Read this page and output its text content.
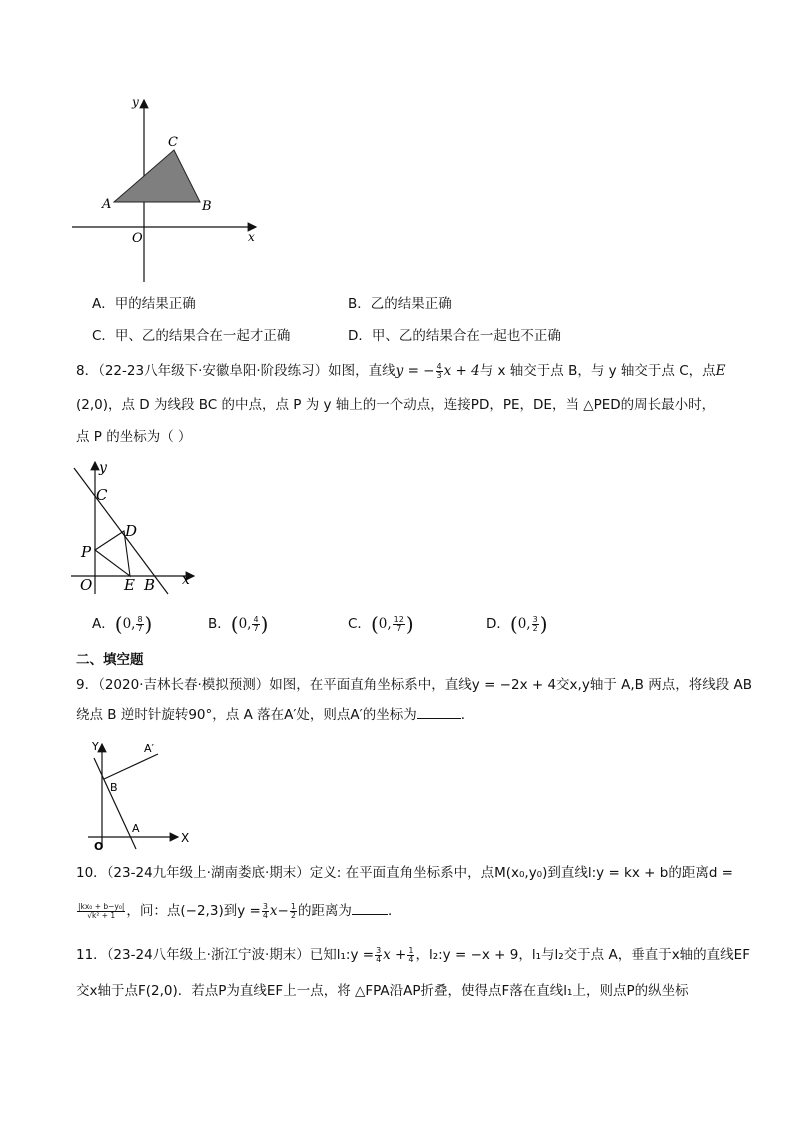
y
x
O
A	B
C
A．甲的结果正确	B．乙的结果正确
C．甲、乙的结果合在一起才正确	D．甲、乙的结果合在一起也不正确
8．（22-23八年级下·安徽阜阳·阶段练习）如图，直线y = − $\frac{4}{3}$ x + 4与 x 轴交于点 B，与 y 轴交于点 C，点E
(2,0)，点 D 为线段 BC 的中点，点 P 为 y 轴上的一个动点，连接PD，PE，DE，当 △PED的周长最小时，
点 P 的坐标为（ ）
y
x
O
C
D
P
E B
A．(0, $\frac{8}{7}$ )	B．(0, $\frac{4}{7}$ )	C．(0, $\frac{12}{7}$ )	D．(0, $\frac{3}{2}$ )
二、填空题
9．（2020·吉林长春·模拟预测）如图，在平面直角坐标系中，直线y = −2x + 4交x,y轴于 A,B 两点，将线段 AB
绕点 B 逆时针旋转90°，点 A 落在A′处，则点A′的坐标为	．
Y
X
O
A′
B
A
10．（23-24九年级上·湖南娄底·期末）定义: 在平面直角坐标系中，点M(x₀,y₀)到直线l:y = kx + b的距离d =
$\frac{\text{|kx₀ + b−y₀|}}{\text{√k² + 1}}$ ，问：点(−2,3)到$y = \frac{3}{4} x- \frac{1}{2}$ 的距离为	．
11．（23-24八年级上·浙江宁波·期末）已知l₁:y = $\frac{3}{4}$ $x + \frac{1}{4}$ ，l₂:y = −x + 9，l₁与l₂交于点 A，垂直于x轴的直线EF
交x轴于点F(2,0)．若点P为直线EF上一点，将 △FPA沿AP折叠，使得点F落在直线l₁上，则点P的纵坐标
